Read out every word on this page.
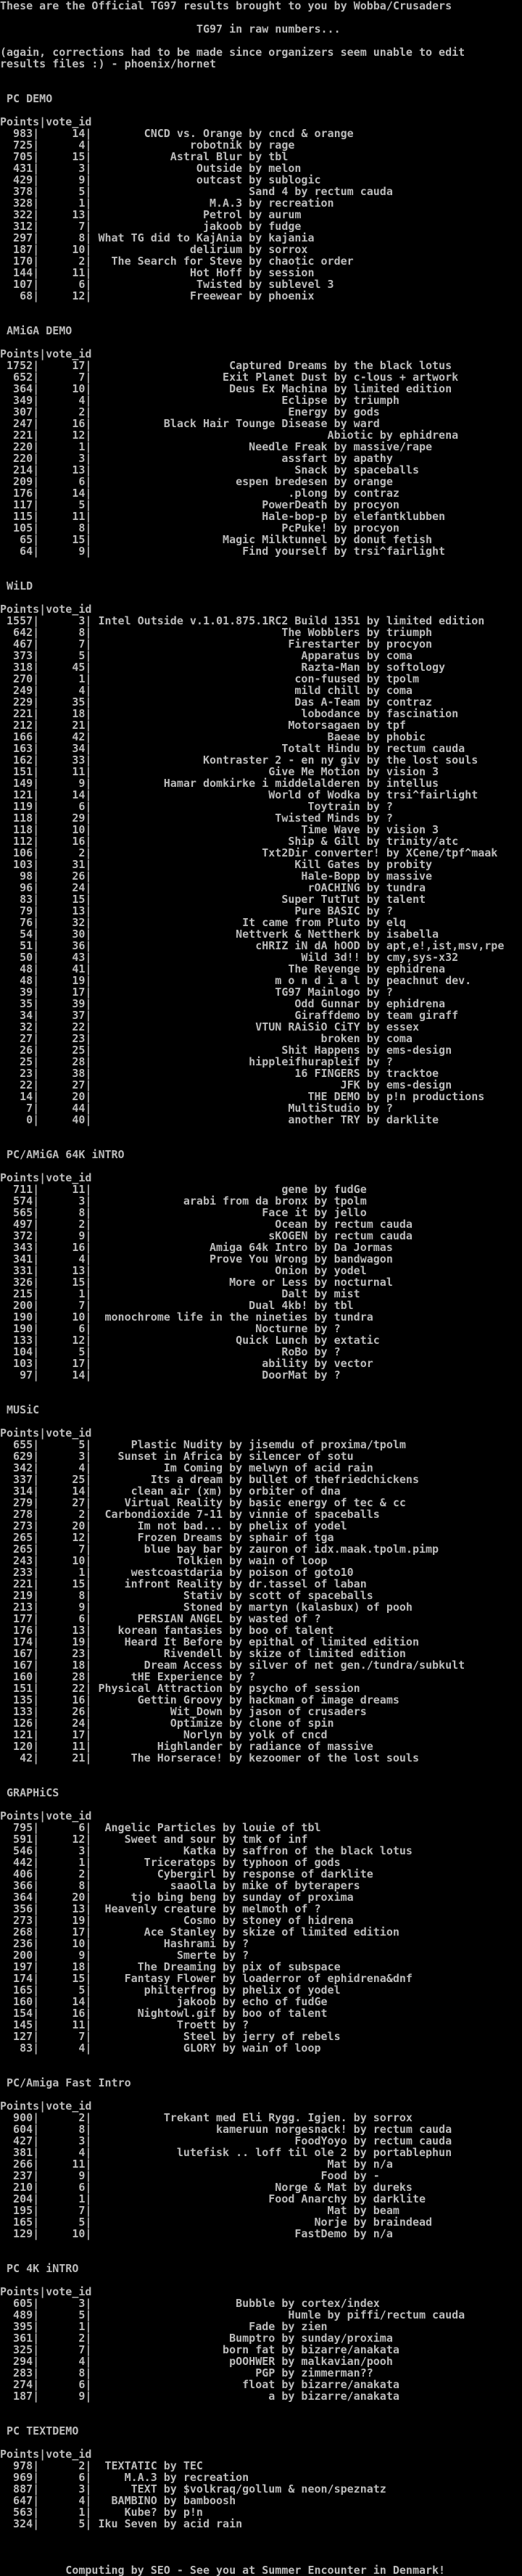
These are the Official TG97 results brought to you by Wobba/Crusaders
TG97 in raw numbers...
(again, corrections had to be made since organizers seem unable to edit
results files :) - phoenix/hornet
PC DEMO
Points|vote_id
983|     14|        CNCD vs. Orange by cncd & orange
725|      4|               robotnik by rage
705|     15|            Astral Blur by tbl
431|      3|                Outside by melon
429|      9|                outcast by sublogic
378|      5|                        Sand 4 by rectum cauda
328|      1|                  M.A.3 by recreation
322|     13|                 Petrol by aurum
312|      7|                 jakoob by fudge
297|      8| What TG did to KajAnia by kajania
187|     10|               delirium by sorrox
170|      2|   The Search for Steve by chaotic order
144|     11|               Hot Hoff by session
107|      6|                Twisted by sublevel 3
68|     12|               Freewear by phoenix
AMiGA DEMO
Points|vote_id
1752|     17|                     Captured Dreams by the black lotus
652|      7|                    Exit Planet Dust by c-lous + artwork
364|     10|                     Deus Ex Machina by limited edition
349|      4|                             Eclipse by triumph
307|      2|                              Energy by gods
247|     16|           Black Hair Tounge Disease by ward
221|     12|                                    Abiotic by ephidrena
220|      1|                        Needle Freak by massive/rape
220|      3|                             assfart by apathy
214|     13|                               Snack by spaceballs
209|      6|                      espen bredesen by orange
176|     14|                              .plong by contraz
117|      5|                          PowerDeath by procyon
115|     11|                          Hale-bop-p by elefantklubben
105|      8|                             PcPuke! by procyon
65|     15|                    Magic Milktunnel by donut fetish
64|      9|                       Find yourself by trsi^fairlight
WiLD
Points|vote_id
1557|      3| Intel Outside v.1.01.875.1RC2 Build 1351 by limited edition
642|      8|                             The Wobblers by triumph
467|      7|                              Firestarter by procyon
373|      5|                                Apparatus by coma
318|     45|                                Razta-Man by softology
270|      1|                               con-fuused by tpolm
249|      4|                               mild chill by coma
229|     35|                               Das A-Team by contraz
221|     18|                                lobodance by fascination
212|     21|                              Motorsagaen by tpf
166|     42|                                    Baeae by phobic
163|     34|                             Totalt Hindu by rectum cauda
162|     33|                 Kontraster 2 - en ny giv by the lost souls
151|     11|                           Give Me Motion by vision 3
149|      9|           Hamar domkirke i middelalderen by intellus
121|     14|                           World of Wodka by trsi^fairlight
119|      6|                                 Toytrain by ?
118|     29|                            Twisted Minds by ?
118|     10|                                Time Wave by vision 3
112|     16|                              Ship & Gill by trinity/atc
106|      2|                          Txt2Dir converter! by XCene/tpf^maak
103|     31|                               Kill Gates by probity
98|     26|                                Hale-Bopp by massive
96|     24|                                 rOACHING by tundra
83|     15|                             Super TutTut by talent
79|     13|                               Pure BASIC by ?
76|     32|                       It came from Pluto by elq
54|     30|                      Nettverk & Nettherk by isabella
51|     36|                         cHRIZ iN dA hOOD by apt,e!,ist,msv,rpe
50|     43|                                Wild 3d!! by cmy,sys-x32
48|     41|                              The Revenge by ephidrena
48|     19|                            m o n d i a l by peachnut dev.
39|     17|                            TG97 Mainlogo by ?
35|     39|                               Odd Gunnar by ephidrena
34|     37|                               Giraffdemo by team giraff
32|     22|                         VTUN RAiSiO CiTY by essex
27|     23|                                   broken by coma
26|     25|                             Shit Happens by ems-design
25|     28|                        hippleifhurapleif by ?
23|     38|                               16 FINGERS by tracktoe
22|     27|                                      JFK by ems-design
14|     20|                                 THE DEMO by p!n productions
7|     44|                              MultiStudio by ?
0|     40|                              another TRY by darklite
PC/AMiGA 64K iNTRO
Points|vote_id
711|     11|                             gene by fudGe
574|      3|              arabi from da bronx by tpolm
565|      8|                          Face it by jello
497|      2|                            Ocean by rectum cauda
372|      9|                           sKOGEN by rectum cauda
343|     16|                  Amiga 64k Intro by Da Jormas
341|      4|                  Prove You Wrong by bandwagon
331|     13|                            Onion by yodel
326|     15|                     More or Less by nocturnal
215|      1|                             Dalt by mist
200|      7|                        Dual 4kb! by tbl
190|     10|  monochrome life in the nineties by tundra
190|      6|                         Nocturne by ?
133|     12|                      Quick Lunch by extatic
104|      5|                             RoBo by ?
103|     17|                          ability by vector
97|     14|                          DoorMat by ?
MUSiC
Points|vote_id
655|      5|      Plastic Nudity by jisemdu of proxima/tpolm
629|      3|    Sunset in Africa by silencer of sotu
342|      4|           Im Coming by melwyn of acid rain
337|     25|         Its a dream by bullet of thefriedchickens
314|     14|      clean air (xm) by orbiter of dna
279|     27|     Virtual Reality by basic energy of tec & cc
278|      2|  Carbondioxide 7-11 by vinnie of spaceballs
273|     20|       Im not bad... by phelix of yodel
265|     12|       Frozen Dreams by sphair of tga
265|      7|        blue bay bar by zauron of idx.maak.tpolm.pimp
243|     10|             Tolkien by wain of loop
233|      1|      westcoastdaria by poison of goto10
221|     15|     infront Reality by dr.tassel of laban
219|      8|              Stativ by scott of spaceballs
213|      9|              Stoned by martyn (kalasbux) of pooh
177|      6|       PERSIAN ANGEL by wasted of ?
176|     13|    korean fantasies by boo of talent
174|     19|     Heard It Before by epithal of limited edition
167|     23|           Rivendell by skize of limited edition
167|     18|        Dream Access by silver of net gen./tundra/subkult
160|     28|      tHE Experience by ?
151|     22| Physical Attraction by psycho of session
135|     16|       Gettin Groovy by hackman of image dreams
133|     26|            Wit_Down by jason of crusaders
126|     24|            Optimize by clone of spin
121|     17|              Norlyn by yolk of cncd
120|     11|          Highlander by radiance of massive
42|     21|      The Horserace! by kezoomer of the lost souls
GRAPHiCS
Points|vote_id
795|      6|  Angelic Particles by louie of tbl
591|     12|     Sweet and sour by tmk of inf
546|      3|              Katka by saffron of the black lotus
442|      1|        Triceratops by typhoon of gods
406|      2|          Cybergirl by response of darklite
366|      8|            saaolla by mike of byterapers
364|     20|      tjo bing beng by sunday of proxima
356|     13|  Heavenly creature by melmoth of ?
273|     19|              Cosmo by stoney of hidrena
268|     17|        Ace Stanley by skize of limited edition
236|     10|           Hashrami by ?
200|      9|             Smerte by ?
197|     18|       The Dreaming by pix of subspace
174|     15|     Fantasy Flower by loaderror of ephidrena&dnf
165|      5|        philterfrog by phelix of yodel
160|     14|             jakoob by echo of fudGe
154|     16|       Nightowl.gif by boo of talent
145|     11|             Troett by ?
127|      7|              Steel by jerry of rebels
83|      4|              GLORY by wain of loop
PC/Amiga Fast Intro
Points|vote_id
900|      2|           Trekant med Eli Rygg. Igjen. by sorrox
604|      8|                   kameruun norgesnack! by rectum cauda
427|      3|                               FoodYoyo by rectum cauda
381|      4|             lutefisk .. loff til ole 2 by portablephun
266|     11|                                    Mat by n/a
237|      9|                                   Food by -
210|      6|                            Norge & Mat by dureks
204|      1|                           Food Anarchy by darklite
195|      7|                                    Mat by beam
165|      5|                                  Norje by braindead
129|     10|                               FastDemo by n/a
PC 4K iNTRO
Points|vote_id
605|      3|                      Bubble by cortex/index
489|      5|                              Humle by piffi/rectum cauda
395|      1|                        Fade by zien
361|      2|                     Bumptro by sunday/proxima
325|      7|                    born fat by bizarre/anakata
294|      4|                     pOOHWER by malkavian/pooh
283|      8|                         PGP by zimmerman??
274|      6|                       float by bizarre/anakata
187|      9|                           a by bizarre/anakata
PC TEXTDEMO
Points|vote_id
978|      2|  TEXTATIC by TEC
969|      6|     M.A.3 by recreation
887|      3|      TEXT by $volkraq/gollum & neon/speznatz
647|      4|   BAMBINO by bamboosh
563|      1|     Kube? by p!n
324|      5| Iku Seven by acid rain
Computing by SEO - See you at Summer Encounter in Denmark!
